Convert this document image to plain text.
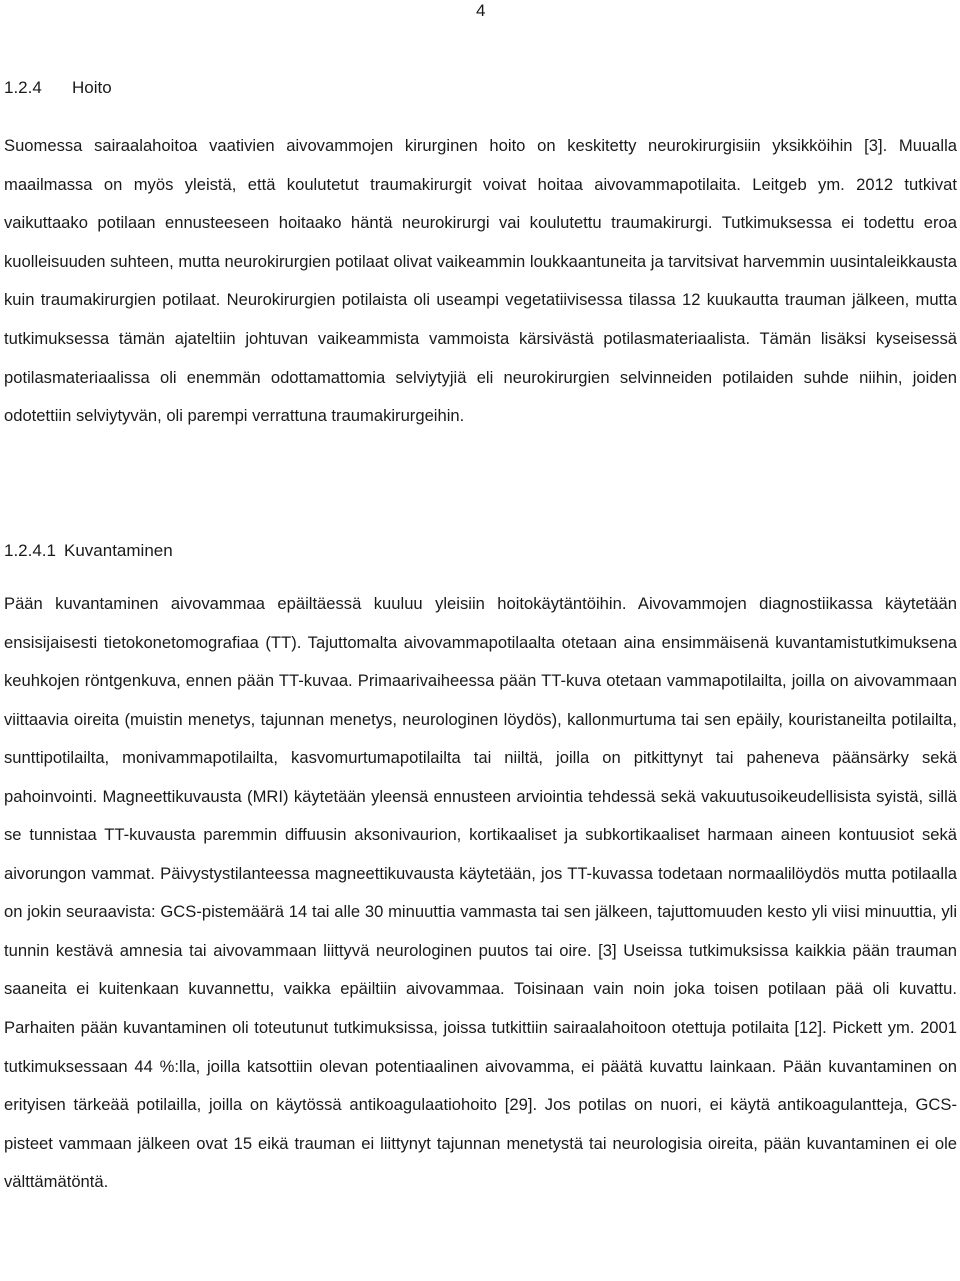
4
1.2.4 Hoito
Suomessa sairaalahoitoa vaativien aivovammojen kirurginen hoito on keskitetty neurokirurgisiin yksikköihin [3]. Muualla maailmassa on myös yleistä, että koulutetut traumakirurgit voivat hoitaa aivovammapotilaita. Leitgeb ym. 2012 tutkivat vaikuttaako potilaan ennusteeseen hoitaako häntä neurokirurgi vai koulutettu traumakirurgi. Tutkimuksessa ei todettu eroa kuolleisuuden suhteen, mutta neurokirurgien potilaat olivat vaikeammin loukkaantuneita ja tarvitsivat harvemmin uusintaleikkausta kuin traumakirurgien potilaat. Neurokirurgien potilaista oli useampi vegetatiivisessa tilassa 12 kuukautta trauman jälkeen, mutta tutkimuksessa tämän ajateltiin johtuvan vaikeammista vammoista kärsivästä potilasmateriaalista. Tämän lisäksi kyseisessä potilasmateriaalissa oli enemmän odottamattomia selviytyjiä eli neurokirurgien selvinneiden potilaiden suhde niihin, joiden odotettiin selviytyvän, oli parempi verrattuna traumakirurgeihin.
1.2.4.1 Kuvantaminen
Pään kuvantaminen aivovammaa epäiltäessä kuuluu yleisiin hoitokäytäntöihin. Aivovammojen diagnostiikassa käytetään ensisijaisesti tietokonetomografiaa (TT). Tajuttomalta aivovammapotilaalta otetaan aina ensimmäisenä kuvantamistutkimuksena keuhkojen röntgenkuva, ennen pään TT-kuvaa. Primaarivaiheessa pään TT-kuva otetaan vammapotilailta, joilla on aivovammaan viittaavia oireita (muistin menetys, tajunnan menetys, neurologinen löydös), kallonmurtuma tai sen epäily, kouristaneilta potilailta, sunttipotilailta, monivammapotilailta, kasvomurtumapotilailta tai niiltä, joilla on pitkittynyt tai paheneva päänsärky sekä pahoinvointi. Magneettikuvausta (MRI) käytetään yleensä ennusteen arviointia tehdessä sekä vakuutusoikeudellisista syistä, sillä se tunnistaa TT-kuvausta paremmin diffuusin aksonivaurion, kortikaaliset ja subkortikaaliset harmaan aineen kontuusiot sekä aivorungon vammat. Päivystystilanteessa magneettikuvausta käytetään, jos TT-kuvassa todetaan normaalilöydös mutta potilaalla on jokin seuraavista: GCS-pistemäärä 14 tai alle 30 minuuttia vammasta tai sen jälkeen, tajuttomuuden kesto yli viisi minuuttia, yli tunnin kestävä amnesia tai aivovammaan liittyvä neurologinen puutos tai oire. [3] Useissa tutkimuksissa kaikkia pään trauman saaneita ei kuitenkaan kuvannettu, vaikka epäiltiin aivovammaa. Toisinaan vain noin joka toisen potilaan pää oli kuvattu. Parhaiten pään kuvantaminen oli toteutunut tutkimuksissa, joissa tutkittiin sairaalahoitoon otettuja potilaita [12]. Pickett ym. 2001 tutkimuksessaan 44 %:lla, joilla katsottiin olevan potentiaalinen aivovamma, ei päätä kuvattu lainkaan. Pään kuvantaminen on erityisen tärkeää potilailla, joilla on käytössä antikoagulaatiohoito [29]. Jos potilas on nuori, ei käytä antikoagulantteja, GCS-pisteet vammaan jälkeen ovat 15 eikä trauman ei liittynyt tajunnan menetystä tai neurologisia oireita, pään kuvantaminen ei ole välttämätöntä.
